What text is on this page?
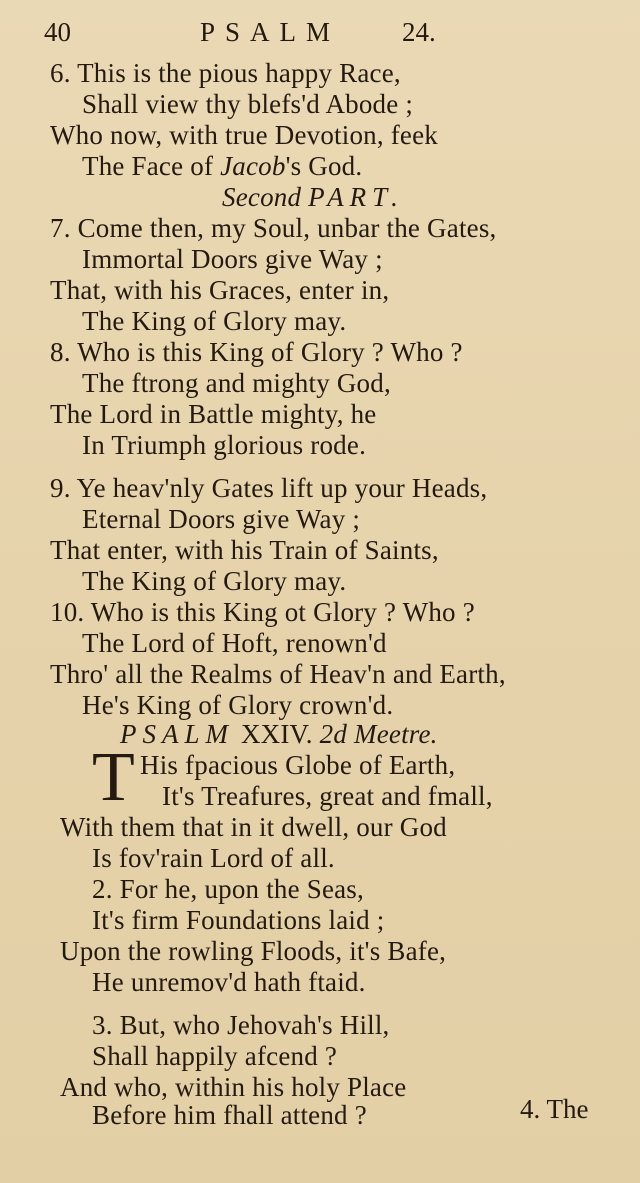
40	PSALM 24.
6. This is the pious happy Race,
Shall view thy blefs'd Abode ;
Who now, with true Devotion, feek
The Face of Jacob's God.
Second PART.
7. Come then, my Soul, unbar the Gates,
Immortal Doors give Way ;
That, with his Graces, enter in,
The King of Glory may.
8. Who is this King of Glory ? Who ?
The ftrong and mighty God,
The Lord in Battle mighty, he
In Triumph glorious rode.
9. Ye heav'nly Gates lift up your Heads,
Eternal Doors give Way ;
That enter, with his Train of Saints,
The King of Glory may.
10. Who is this King ot Glory ? Who ?
The Lord of Hoft, renown'd
Thro' all the Realms of Heav'n and Earth,
He's King of Glory crown'd.
PSALM XXIV. 2d Meetre.
T His fpacious Globe of Earth,
It's Treafures, great and fmall,
With them that in it dwell, our God
Is fov'rain Lord of all.
2. For he, upon the Seas,
It's firm Foundations laid ;
Upon the rowling Floods, it's Bafe,
He unremov'd hath ftaid.
3. But, who Jehovah's Hill,
Shall happily afcend ?
And who, within his holy Place
Before him fhall attend ?	4. The
